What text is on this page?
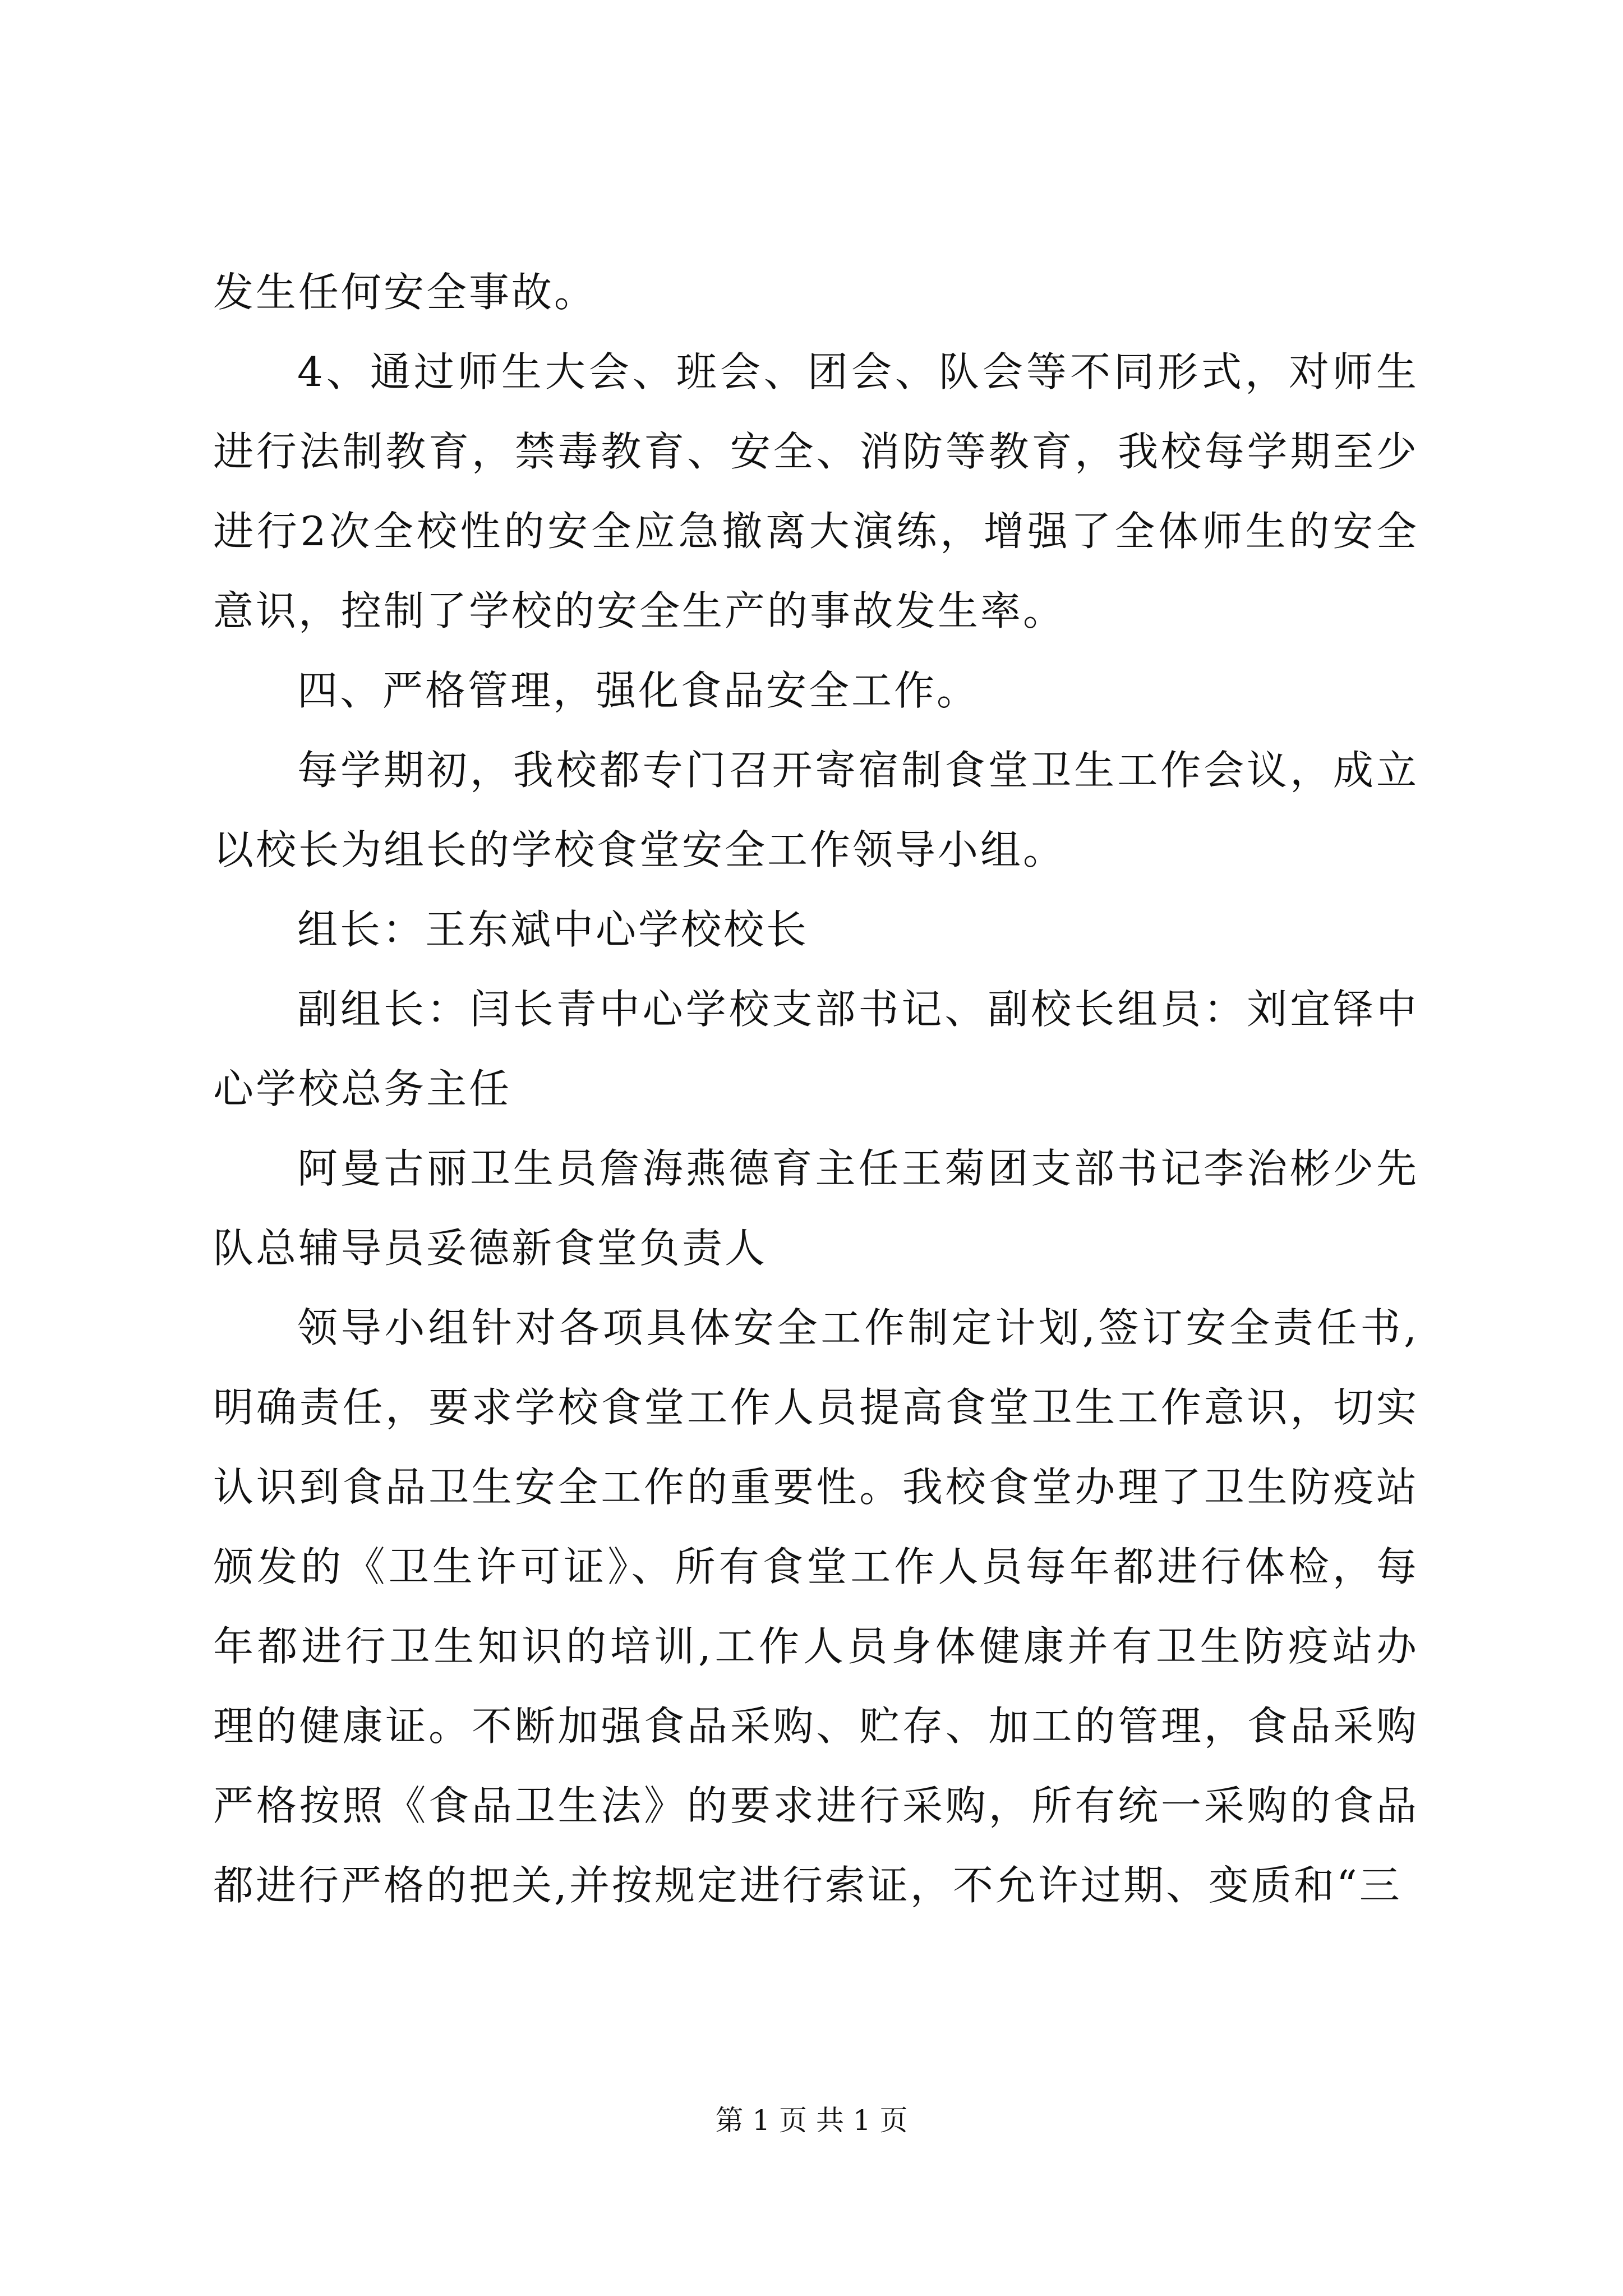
发生任何安全事故。

4、通过师生大会、班会、团会、队会等不同形式，对师生进行法制教育，禁毒教育、安全、消防等教育，我校每学期至少进行2次全校性的安全应急撤离大演练，增强了全体师生的安全意识，控制了学校的安全生产的事故发生率。

四、严格管理，强化食品安全工作。

每学期初，我校都专门召开寄宿制食堂卫生工作会议，成立以校长为组长的学校食堂安全工作领导小组。

组长：王东斌中心学校校长

副组长：闫长青中心学校支部书记、副校长组员：刘宜铎中心学校总务主任

阿曼古丽卫生员詹海燕德育主任王菊团支部书记李治彬少先队总辅导员妥德新食堂负责人

领导小组针对各项具体安全工作制定计划,签订安全责任书,明确责任，要求学校食堂工作人员提高食堂卫生工作意识，切实认识到食品卫生安全工作的重要性。我校食堂办理了卫生防疫站颁发的《卫生许可证》、所有食堂工作人员每年都进行体检，每年都进行卫生知识的培训,工作人员身体健康并有卫生防疫站办理的健康证。不断加强食品采购、贮存、加工的管理，食品采购严格按照《食品卫生法》的要求进行采购，所有统一采购的食品都进行严格的把关,并按规定进行索证，不允许过期、变质和“三

第 1 页 共 1 页
